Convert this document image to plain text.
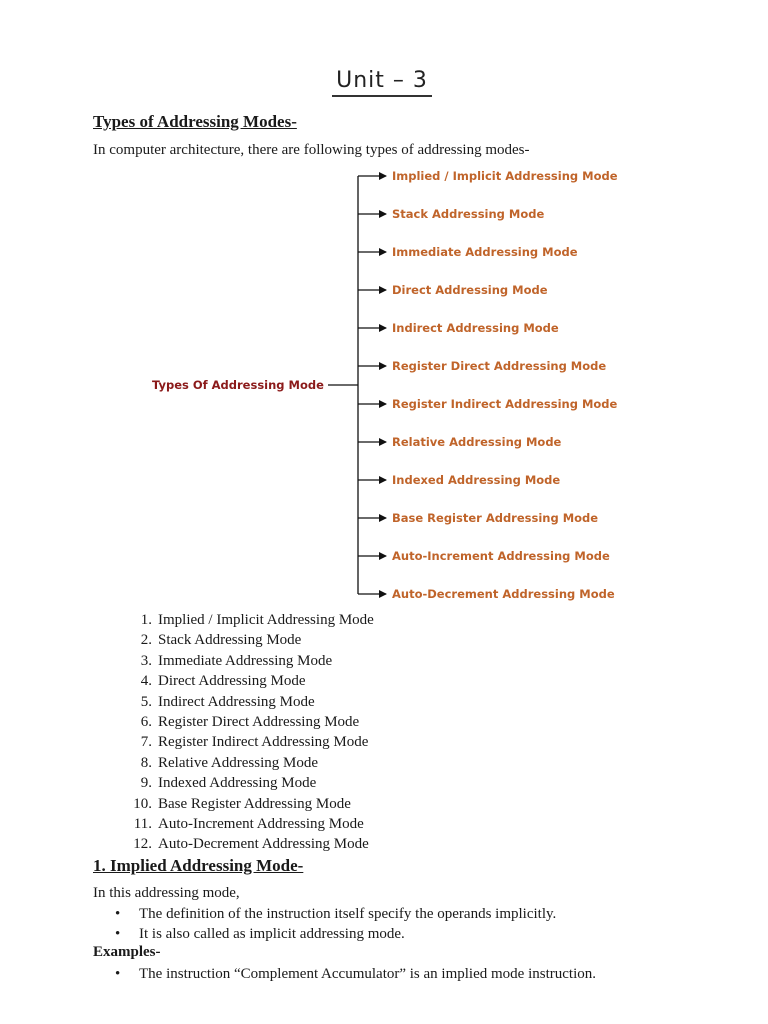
Unit – 3
Types of Addressing Modes-
In computer architecture, there are following types of addressing modes-
Types Of Addressing Mode
Implied / Implicit Addressing Mode
Stack Addressing Mode
Immediate Addressing Mode
Direct Addressing Mode
Indirect Addressing Mode
Register Direct Addressing Mode
Register Indirect Addressing Mode
Relative Addressing Mode
Indexed Addressing Mode
Base Register Addressing Mode
Auto-Increment Addressing Mode
Auto-Decrement Addressing Mode
1. Implied / Implicit Addressing Mode
2. Stack Addressing Mode
3. Immediate Addressing Mode
4. Direct Addressing Mode
5. Indirect Addressing Mode
6. Register Direct Addressing Mode
7. Register Indirect Addressing Mode
8. Relative Addressing Mode
9. Indexed Addressing Mode
10. Base Register Addressing Mode
11. Auto-Increment Addressing Mode
12. Auto-Decrement Addressing Mode
1. Implied Addressing Mode-
In this addressing mode,
• The definition of the instruction itself specify the operands implicitly.
• It is also called as implicit addressing mode.
Examples-
• The instruction “Complement Accumulator” is an implied mode instruction.
